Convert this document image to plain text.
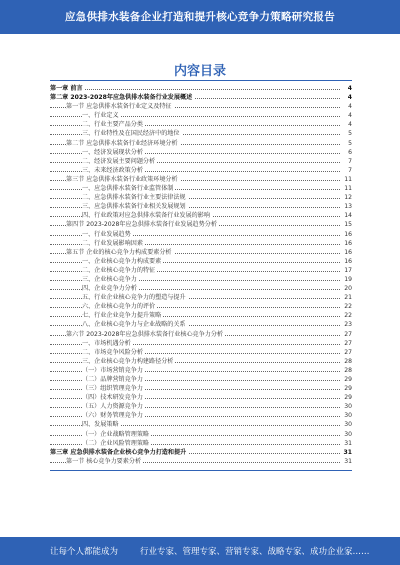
应急供排水装备企业打造和提升核心竞争力策略研究报告
内容目录
第一章 前言	4
第二章 2023-2028年应急供排水装备行业发展概述	4
第一节 应急供排水装备行业定义及特征	4
一、行业定义	4
二、行业主要产品分类	4
三、行业特性及在国民经济中的地位	5
第二节 应急供排水装备行业经济环境分析	5
一、经济发展现状分析	6
二、经济发展主要问题分析	7
三、未来经济政策分析	7
第三节 应急供排水装备行业政策环境分析	11
一、应急供排水装备行业监管体制	11
二、应急供排水装备行业主要法律法规	12
三、应急供排水装备行业相关发展规划	13
四、行业政策对应急供排水装备行业发展的影响	14
第四节 2023-2028年应急供排水装备行业发展趋势分析	15
一、行业发展趋势	16
二、行业发展影响因素	16
第五节 企业的核心竞争力构成要素分析	16
一、企业核心竞争力构成要素	16
二、企业核心竞争力的特征	17
三、企业核心竞争力	19
四、企业竞争力分析	20
五、行业企业核心竞争力的塑造与提升	21
六、企业核心竞争力的评价	22
七、行业企业竞争力提升策略	22
八、企业核心竞争力与企业战略的关系	23
第六节 2023-2028年应急供排水装备行业核心竞争力分析	27
一、市场机遇分析	27
二、市场竞争风险分析	27
三、企业核心竞争力构建路径分析	28
（一）市场营销竞争力	28
（二）品牌营销竞争力	29
（三）组织管理竞争力	29
（四）技术研发竞争力	29
（五）人力资源竞争力	30
（六）财务管理竞争力	30
四、发展策略	30
（一）企业战略管理策略	30
（二）企业风险管理策略	31
第三章 应急供排水装备企业核心竞争力打造和提升	31
第一节 核心竞争力要素分析	31
让每个人都能成为	行业专家、管理专家、营销专家、战略专家、成功企业家……
